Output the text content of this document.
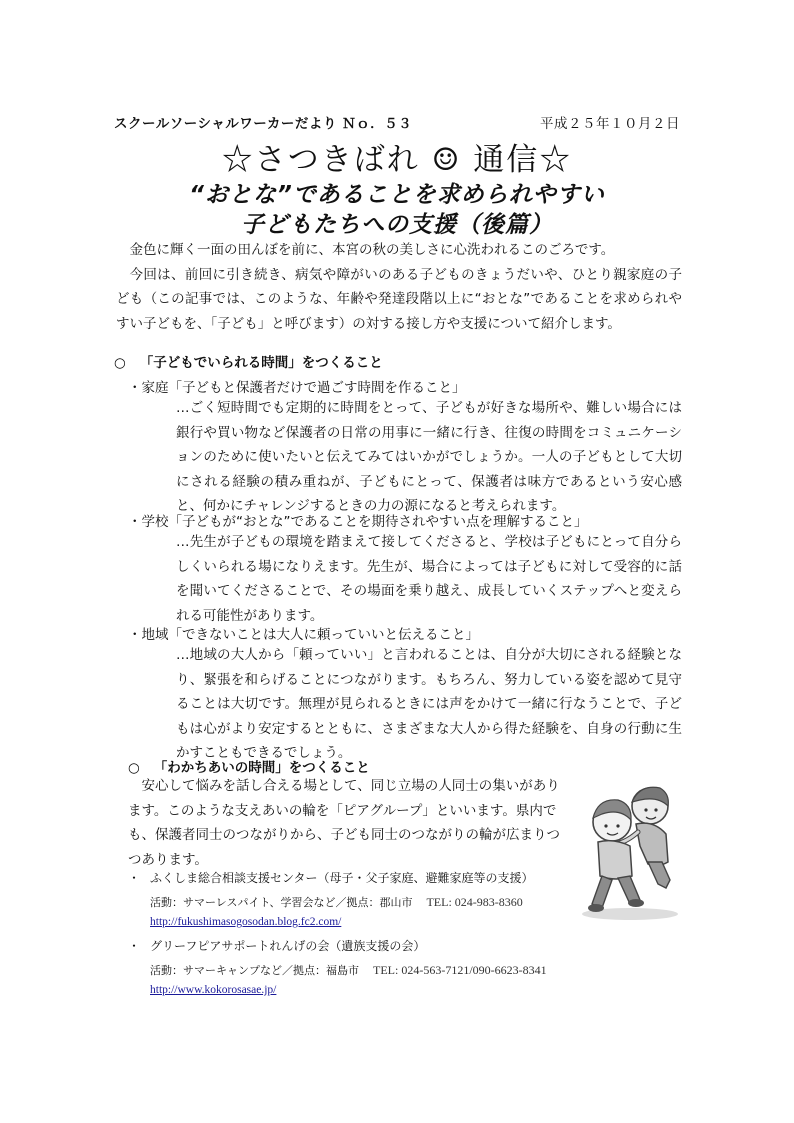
スクールソーシャルワーカーだより Ｎｏ．５３	平成２５年１０月２日
☆さつきばれ ☺ 通信☆
“おとな”であることを求められやすい
子どもたちへの支援（後篇）
金色に輝く一面の田んぼを前に、本宮の秋の美しさに心洗われるこのごろです。
今回は、前回に引き続き、病気や障がいのある子どものきょうだいや、ひとり親家庭の子ども（この記事では、このような、年齢や発達段階以上に“おとな”であることを求められやすい子どもを、「子ども」と呼びます）の対する接し方や支援について紹介します。
○ 「子どもでいられる時間」をつくること
・家庭「子どもと保護者だけで過ごす時間を作ること」
…ごく短時間でも定期的に時間をとって、子どもが好きな場所や、難しい場合には銀行や買い物など保護者の日常の用事に一緒に行き、往復の時間をコミュニケーションのために使いたいと伝えてみてはいかがでしょうか。一人の子どもとして大切にされる経験の積み重ねが、子どもにとって、保護者は味方であるという安心感と、何かにチャレンジするときの力の源になると考えられます。
・学校「子どもが“おとな”であることを期待されやすい点を理解すること」
…先生が子どもの環境を踏まえて接してくださると、学校は子どもにとって自分らしくいられる場になりえます。先生が、場合によっては子どもに対して受容的に話を聞いてくださることで、その場面を乗り越え、成長していくステップへと変えられる可能性があります。
・地域「できないことは大人に頼っていいと伝えること」
…地域の大人から「頼っていい」と言われることは、自分が大切にされる経験となり、緊張を和らげることにつながります。もちろん、努力している姿を認めて見守ることは大切です。無理が見られるときには声をかけて一緒に行なうことで、子どもは心がより安定するとともに、さまざまな大人から得た経験を、自身の行動に生かすこともできるでしょう。
○ 「わかちあいの時間」をつくること
安心して悩みを話し合える場として、同じ立場の人同士の集いがあります。このような支えあいの輪を「ピアグループ」といいます。県内でも、保護者同士のつながりから、子ども同士のつながりの輪が広まりつつあります。
・ ふくしま総合相談支援センター（母子・父子家庭、避難家庭等の支援）
活動：サマーレスパイト、学習会など／拠点：郡山市 TEL: 024-983-8360
http://fukushimasogosodan.blog.fc2.com/
・ グリーフピアサポートれんげの会（遺族支援の会）
活動：サマーキャンプなど／拠点：福島市 TEL: 024-563-7121/090-6623-8341
http://www.kokorosasae.jp/
